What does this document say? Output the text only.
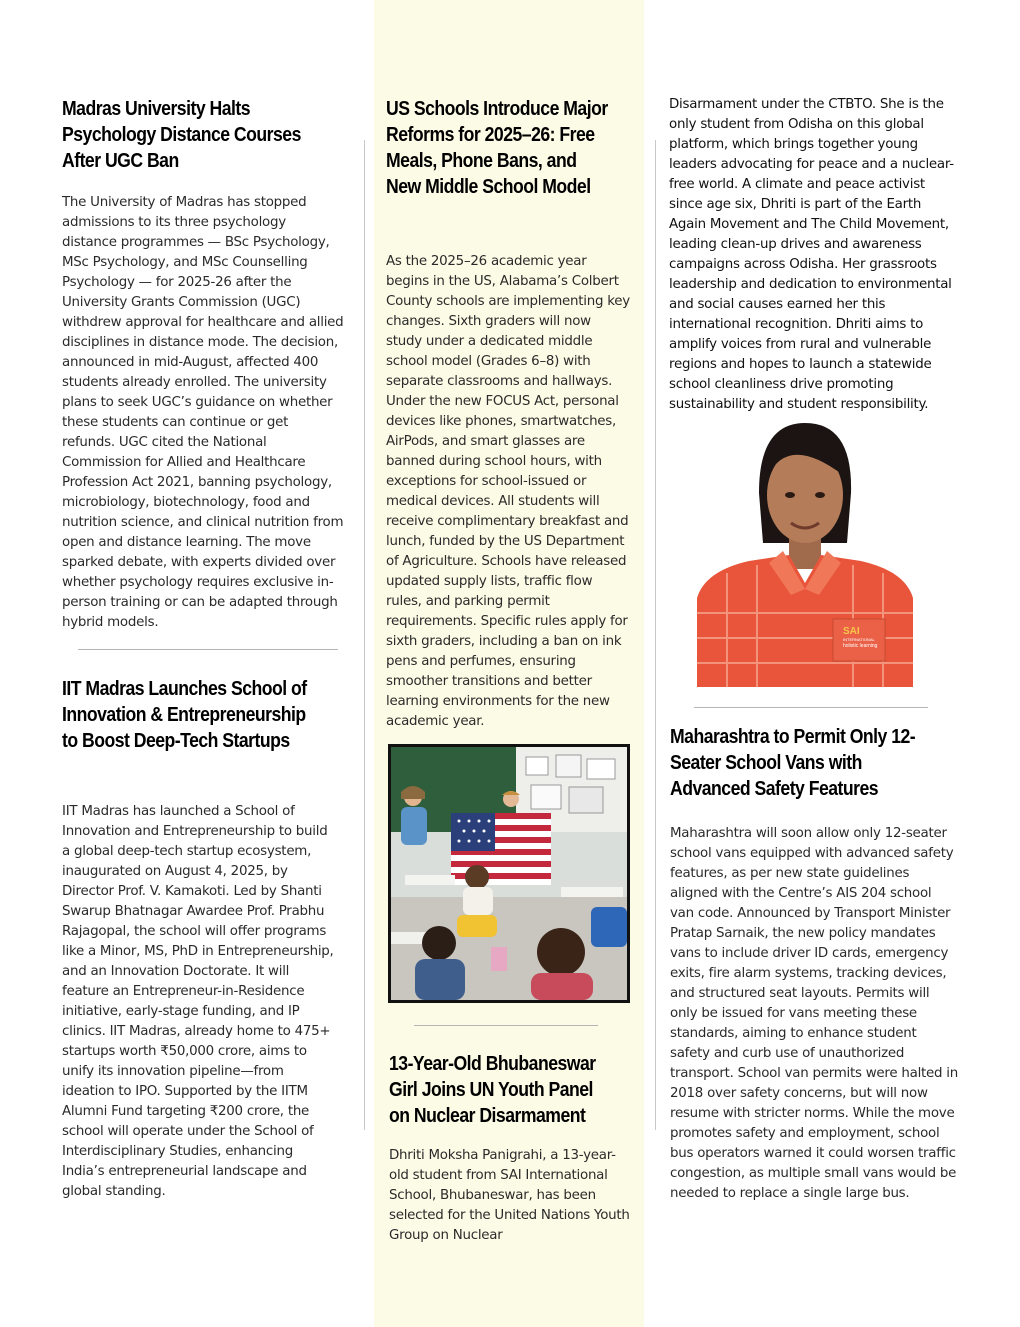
Madras University Halts Psychology Distance Courses After UGC Ban

The University of Madras has stopped admissions to its three psychology distance programmes — BSc Psychology, MSc Psychology, and MSc Counselling Psychology — for 2025-26 after the University Grants Commission (UGC) withdrew approval for healthcare and allied disciplines in distance mode. The decision, announced in mid-August, affected 400 students already enrolled. The university plans to seek UGC’s guidance on whether these students can continue or get refunds. UGC cited the National Commission for Allied and Healthcare Profession Act 2021, banning psychology, microbiology, biotechnology, food and nutrition science, and clinical nutrition from open and distance learning. The move sparked debate, with experts divided over whether psychology requires exclusive in-person training or can be adapted through hybrid models.

IIT Madras Launches School of Innovation & Entrepreneurship to Boost Deep-Tech Startups

IIT Madras has launched a School of Innovation and Entrepreneurship to build a global deep-tech startup ecosystem, inaugurated on August 4, 2025, by Director Prof. V. Kamakoti. Led by Shanti Swarup Bhatnagar Awardee Prof. Prabhu Rajagopal, the school will offer programs like a Minor, MS, PhD in Entrepreneurship, and an Innovation Doctorate. It will feature an Entrepreneur-in-Residence initiative, early-stage funding, and IP clinics. IIT Madras, already home to 475+ startups worth ₹50,000 crore, aims to unify its innovation pipeline—from ideation to IPO. Supported by the IITM Alumni Fund targeting ₹200 crore, the school will operate under the School of Interdisciplinary Studies, enhancing India’s entrepreneurial landscape and global standing.

US Schools Introduce Major Reforms for 2025–26: Free Meals, Phone Bans, and New Middle School Model

As the 2025–26 academic year begins in the US, Alabama’s Colbert County schools are implementing key changes. Sixth graders will now study under a dedicated middle school model (Grades 6–8) with separate classrooms and hallways. Under the new FOCUS Act, personal devices like phones, smartwatches, AirPods, and smart glasses are banned during school hours, with exceptions for school-issued or medical devices. All students will receive complimentary breakfast and lunch, funded by the US Department of Agriculture. Schools have released updated supply lists, traffic flow rules, and parking permit requirements. Specific rules apply for sixth graders, including a ban on ink pens and perfumes, ensuring smoother transitions and better learning environments for the new academic year.

13-Year-Old Bhubaneswar Girl Joins UN Youth Panel on Nuclear Disarmament

Dhriti Moksha Panigrahi, a 13-year-old student from SAI International School, Bhubaneswar, has been selected for the United Nations Youth Group on Nuclear

Disarmament under the CTBTO. She is the only student from Odisha on this global platform, which brings together young leaders advocating for peace and a nuclear-free world. A climate and peace activist since age six, Dhriti is part of the Earth Again Movement and The Child Movement, leading clean-up drives and awareness campaigns across Odisha. Her grassroots leadership and dedication to environmental and social causes earned her this international recognition. Dhriti aims to amplify voices from rural and vulnerable regions and hopes to launch a statewide school cleanliness drive promoting sustainability and student responsibility.

SAI
INTERNATIONAL
holistic learning
Maharashtra to Permit Only 12-Seater School Vans with Advanced Safety Features

Maharashtra will soon allow only 12-seater school vans equipped with advanced safety features, as per new state guidelines aligned with the Centre’s AIS 204 school van code. Announced by Transport Minister Pratap Sarnaik, the new policy mandates vans to include driver ID cards, emergency exits, fire alarm systems, tracking devices, and structured seat layouts. Permits will only be issued for vans meeting these standards, aiming to enhance student safety and curb use of unauthorized transport. School van permits were halted in 2018 over safety concerns, but will now resume with stricter norms. While the move promotes safety and employment, school bus operators warned it could worsen traffic congestion, as multiple small vans would be needed to replace a single large bus.
